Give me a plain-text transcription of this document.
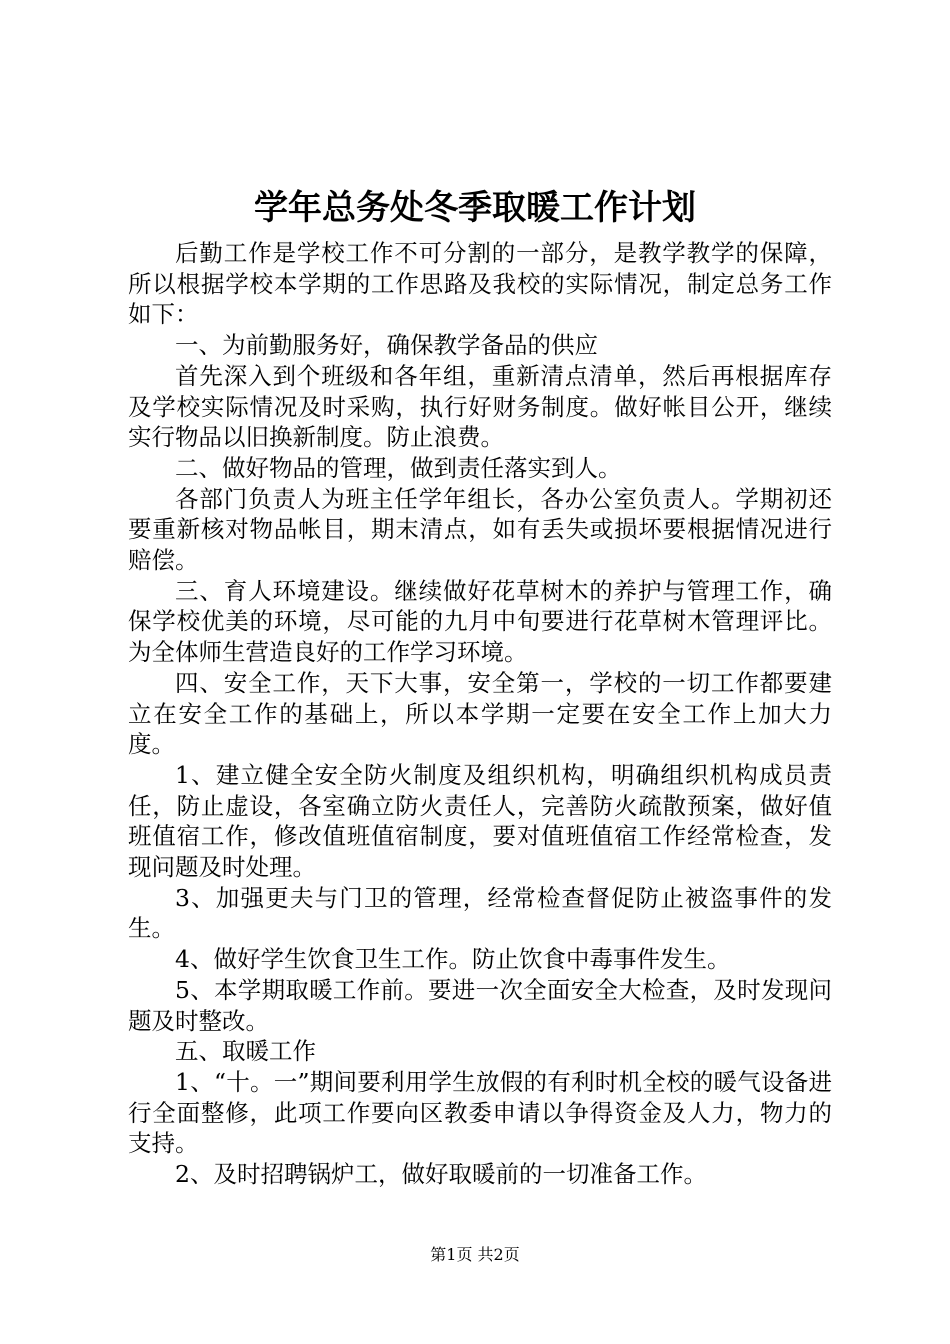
学年总务处冬季取暖工作计划

后勤工作是学校工作不可分割的一部分，是教学教学的保障，所以根据学校本学期的工作思路及我校的实际情况，制定总务工作如下：

一、为前勤服务好，确保教学备品的供应

首先深入到个班级和各年组，重新清点清单，然后再根据库存及学校实际情况及时采购，执行好财务制度。做好帐目公开，继续实行物品以旧换新制度。防止浪费。

二、做好物品的管理，做到责任落实到人。

各部门负责人为班主任学年组长，各办公室负责人。学期初还要重新核对物品帐目，期末清点，如有丢失或损坏要根据情况进行赔偿。

三、育人环境建设。继续做好花草树木的养护与管理工作，确保学校优美的环境，尽可能的九月中旬要进行花草树木管理评比。为全体师生营造良好的工作学习环境。

四、安全工作，天下大事，安全第一，学校的一切工作都要建立在安全工作的基础上，所以本学期一定要在安全工作上加大力度。

1、建立健全安全防火制度及组织机构，明确组织机构成员责任，防止虚设，各室确立防火责任人，完善防火疏散预案，做好值班值宿工作，修改值班值宿制度，要对值班值宿工作经常检查，发现问题及时处理。

3、加强更夫与门卫的管理，经常检查督促防止被盗事件的发生。

4、做好学生饮食卫生工作。防止饮食中毒事件发生。

5、本学期取暖工作前。要进一次全面安全大检查，及时发现问题及时整改。

五、取暖工作

1、“十。一”期间要利用学生放假的有利时机全校的暖气设备进行全面整修，此项工作要向区教委申请以争得资金及人力，物力的支持。

2、及时招聘锅炉工，做好取暖前的一切准备工作。

第1页 共2页
